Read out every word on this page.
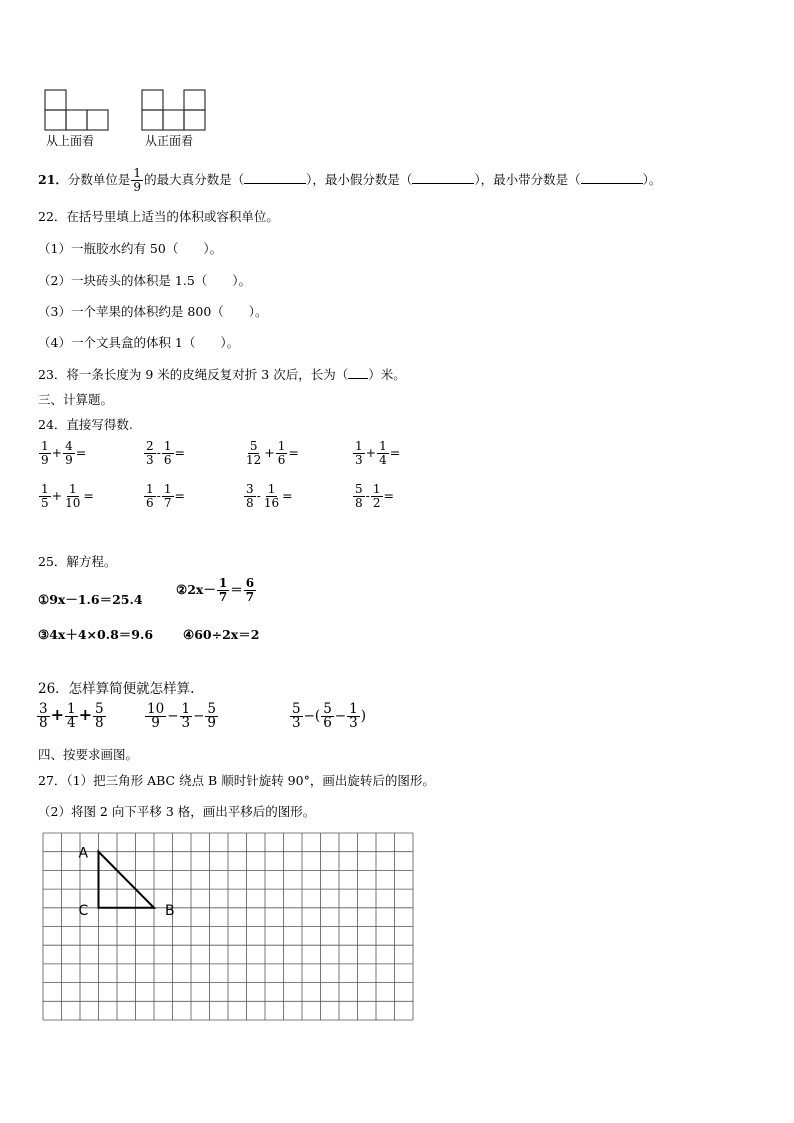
从上面看	从正面看
21．分数单位是 $\frac{1}{9}$ 的最大真分数是（	），最小假分数是（	），最小带分数是（	）。
22．在括号里填上适当的体积或容积单位。
（1）一瓶胶水约有 50（　　）。
（2）一块砖头的体积是 1.5（　　）。
（3）一个苹果的体积约是 800（　　）。
（4）一个文具盒的体积 1（　　）。
23．将一条长度为 9 米的皮绳反复对折 3 次后，长为（ ）米。
三、计算题。
24．直接写得数.
$\frac{1}{9} + \frac{4}{9}$ =	$\frac{2}{3} - \frac{1}{6}$ =	$\frac{5}{12} + \frac{1}{6}$ =	$\frac{1}{3} + \frac{1}{4}$ =
$\frac{1}{5} + \frac{1}{10}$ =	$\frac{1}{6} - \frac{1}{7}$ =	$\frac{3}{8} - \frac{1}{16}$ =	$\frac{5}{8} - \frac{1}{2}$ =
25．解方程。
①9x－1.6＝25.4
②2x－ $\frac{1}{7} = \frac{6}{7}$
③4x＋4×0.8＝9.6 ④60÷2x＝2
26．怎样算简便就怎样算.
$\frac{3}{8} + \frac{1}{4} + \frac{5}{8}$	$\frac{10}{9} - \frac{1}{3} - \frac{5}{9}$	$\frac{5}{3}$ −( $\frac{5}{6} - \frac{1}{3}$ )
四、按要求画图。
27．（1）把三角形 ABC 绕点 B 顺时针旋转 90°，画出旋转后的图形。
（2）将图 2 向下平移 3 格，画出平移后的图形。
A
C	B
